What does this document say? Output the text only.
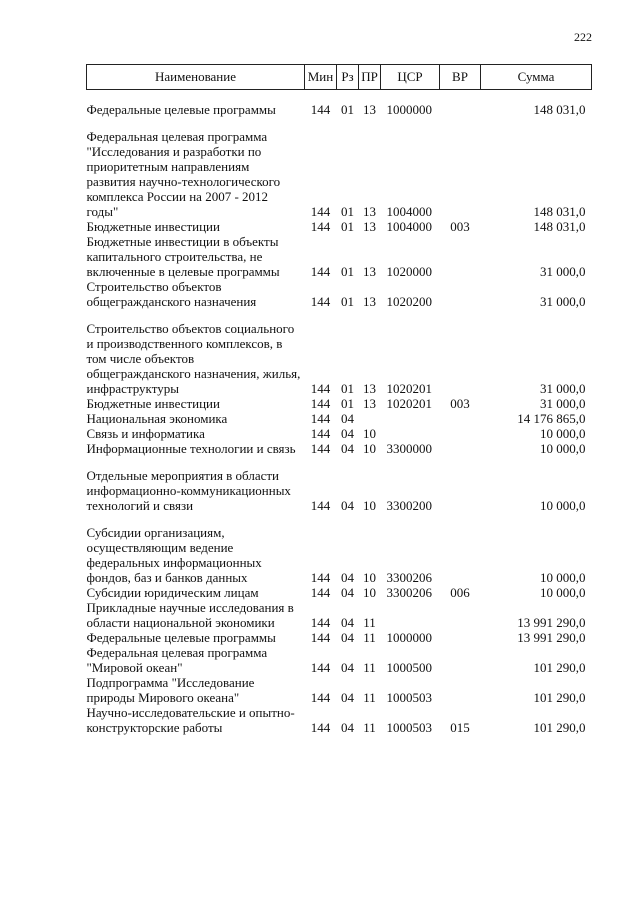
222
Наименование	Мин	Рз	ПР	ЦСР	ВР	Сумма

Федеральные целевые программы	144	01	13	1000000		148 031,0

Федеральная целевая программа "Исследования и разработки по приоритетным направлениям развития научно-технологического комплекса России на 2007 - 2012 годы"	144	01	13	1004000		148 031,0
Бюджетные инвестиции	144	01	13	1004000	003	148 031,0
Бюджетные инвестиции в объекты капитального строительства, не включенные в целевые программы	144	01	13	1020000		31 000,0
Строительство объектов общегражданского назначения	144	01	13	1020200		31 000,0

Строительство объектов социального и производственного комплексов, в том числе объектов общегражданского назначения, жилья, инфраструктуры	144	01	13	1020201		31 000,0
Бюджетные инвестиции	144	01	13	1020201	003	31 000,0
Национальная экономика	144	04				14 176 865,0
Связь и информатика	144	04	10			10 000,0
Информационные технологии и связь	144	04	10	3300000		10 000,0

Отдельные мероприятия в области информационно-коммуникационных технологий и связи	144	04	10	3300200		10 000,0

Субсидии организациям, осуществляющим ведение федеральных информационных фондов, баз и банков данных	144	04	10	3300206		10 000,0
Субсидии юридическим лицам	144	04	10	3300206	006	10 000,0
Прикладные научные исследования в области национальной экономики	144	04	11			13 991 290,0
Федеральные целевые программы	144	04	11	1000000		13 991 290,0
Федеральная целевая программа "Мировой океан"	144	04	11	1000500		101 290,0
Подпрограмма "Исследование природы Мирового океана"	144	04	11	1000503		101 290,0
Научно-исследовательские и опытно-конструкторские работы	144	04	11	1000503	015	101 290,0
